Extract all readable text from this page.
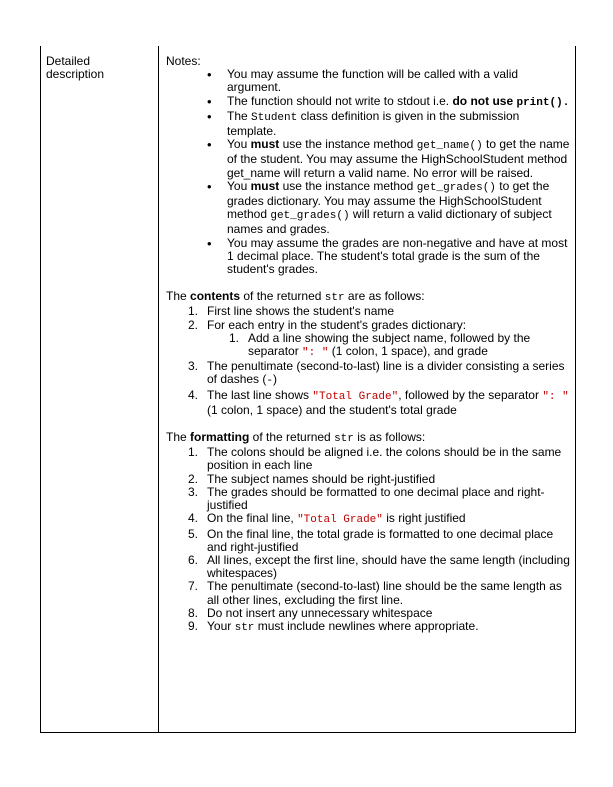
Detailed description
Notes:
• You may assume the function will be called with a valid argument.
• The function should not write to stdout i.e. do not use print().
• The Student class definition is given in the submission template.
• You must use the instance method get_name() to get the name of the student. You may assume the HighSchoolStudent method get_name will return a valid name. No error will be raised.
• You must use the instance method get_grades() to get the grades dictionary. You may assume the HighSchoolStudent method get_grades() will return a valid dictionary of subject names and grades.
• You may assume the grades are non-negative and have at most 1 decimal place. The student's total grade is the sum of the student's grades.
The contents of the returned str are as follows:
1. First line shows the student's name
2. For each entry in the student's grades dictionary:
1. Add a line showing the subject name, followed by the separator ": " (1 colon, 1 space), and grade
3. The penultimate (second-to-last) line is a divider consisting a series of dashes (-)
4. The last line shows "Total Grade", followed by the separator ": " (1 colon, 1 space) and the student's total grade
The formatting of the returned str is as follows:
1. The colons should be aligned i.e. the colons should be in the same position in each line
2. The subject names should be right-justified
3. The grades should be formatted to one decimal place and right-justified
4. On the final line, "Total Grade" is right justified
5. On the final line, the total grade is formatted to one decimal place and right-justified
6. All lines, except the first line, should have the same length (including whitespaces)
7. The penultimate (second-to-last) line should be the same length as all other lines, excluding the first line.
8. Do not insert any unnecessary whitespace
9. Your str must include newlines where appropriate.
